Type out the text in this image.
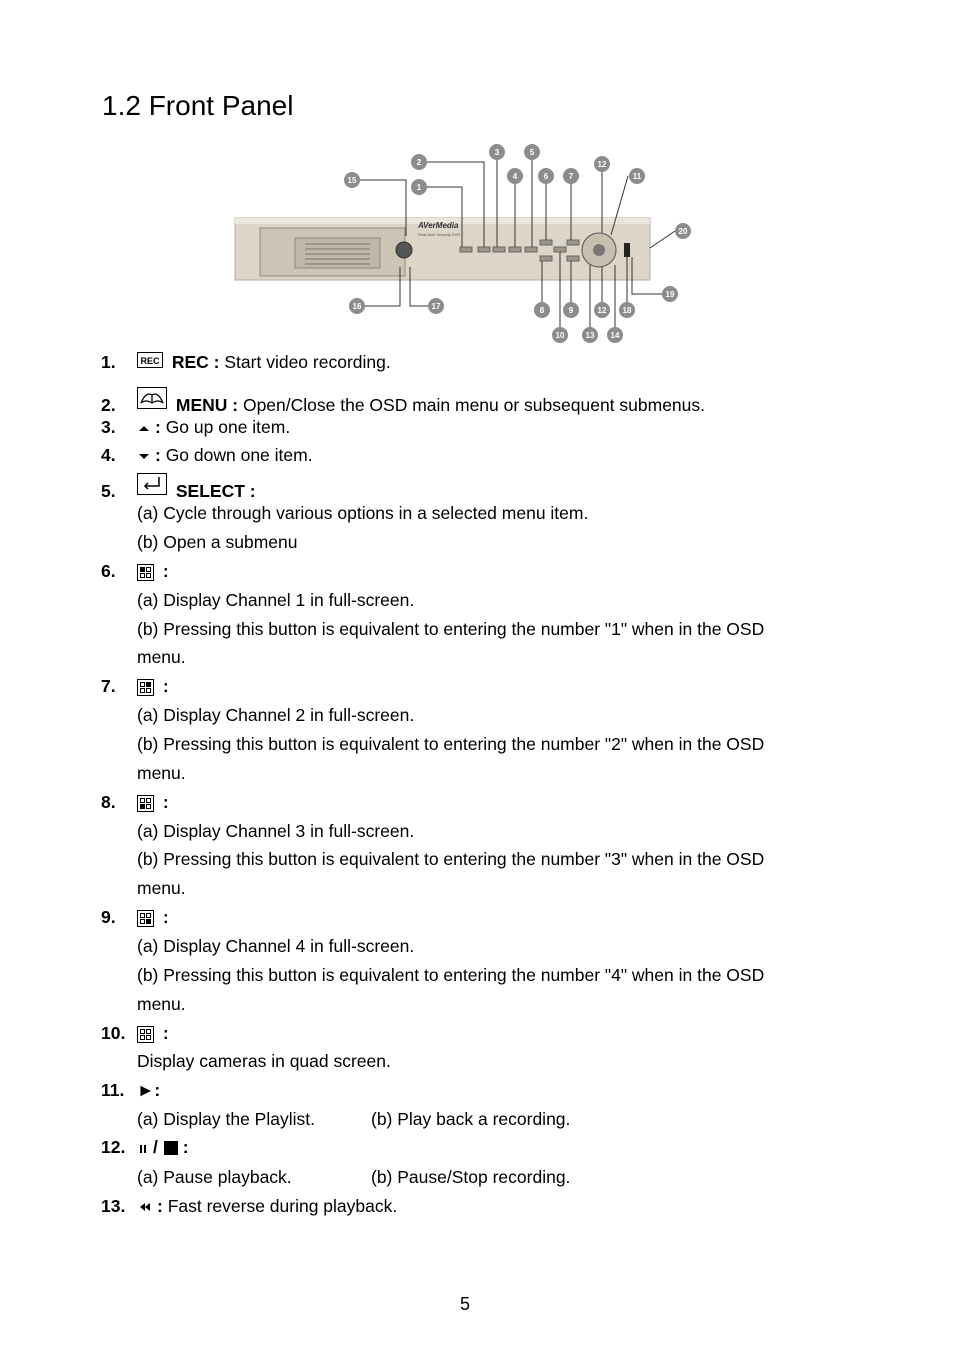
1.2 Front Panel
AVerMedia
Real-time Security DVR
1
2
3
4
5
6	7
8	9
10
11
12
12
13 14
15
16	17	18
19
20
1.	REC REC : Start video recording.
2.	MENU : Open/Close the OSD main menu or subsequent submenus.
3. : Go up one item.
4. : Go down one item.
5.	SELECT :
(a) Cycle through various options in a selected menu item.
(b) Open a submenu
6.	:
(a) Display Channel 1 in full-screen.
(b) Pressing this button is equivalent to entering the number "1" when in the OSD
menu.
7.	:
(a) Display Channel 2 in full-screen.
(b) Pressing this button is equivalent to entering the number "2" when in the OSD
menu.
8.	:
(a) Display Channel 3 in full-screen.
(b) Pressing this button is equivalent to entering the number "3" when in the OSD
menu.
9.	:
(a) Display Channel 4 in full-screen.
(b) Pressing this button is equivalent to entering the number "4" when in the OSD
menu.
10. :
Display cameras in quad screen.
11. ►:
(a) Display the Playlist.	(b) Play back a recording.
12. / :
(a) Pause playback.	(b) Pause/Stop recording.
13. : Fast reverse during playback.
5
